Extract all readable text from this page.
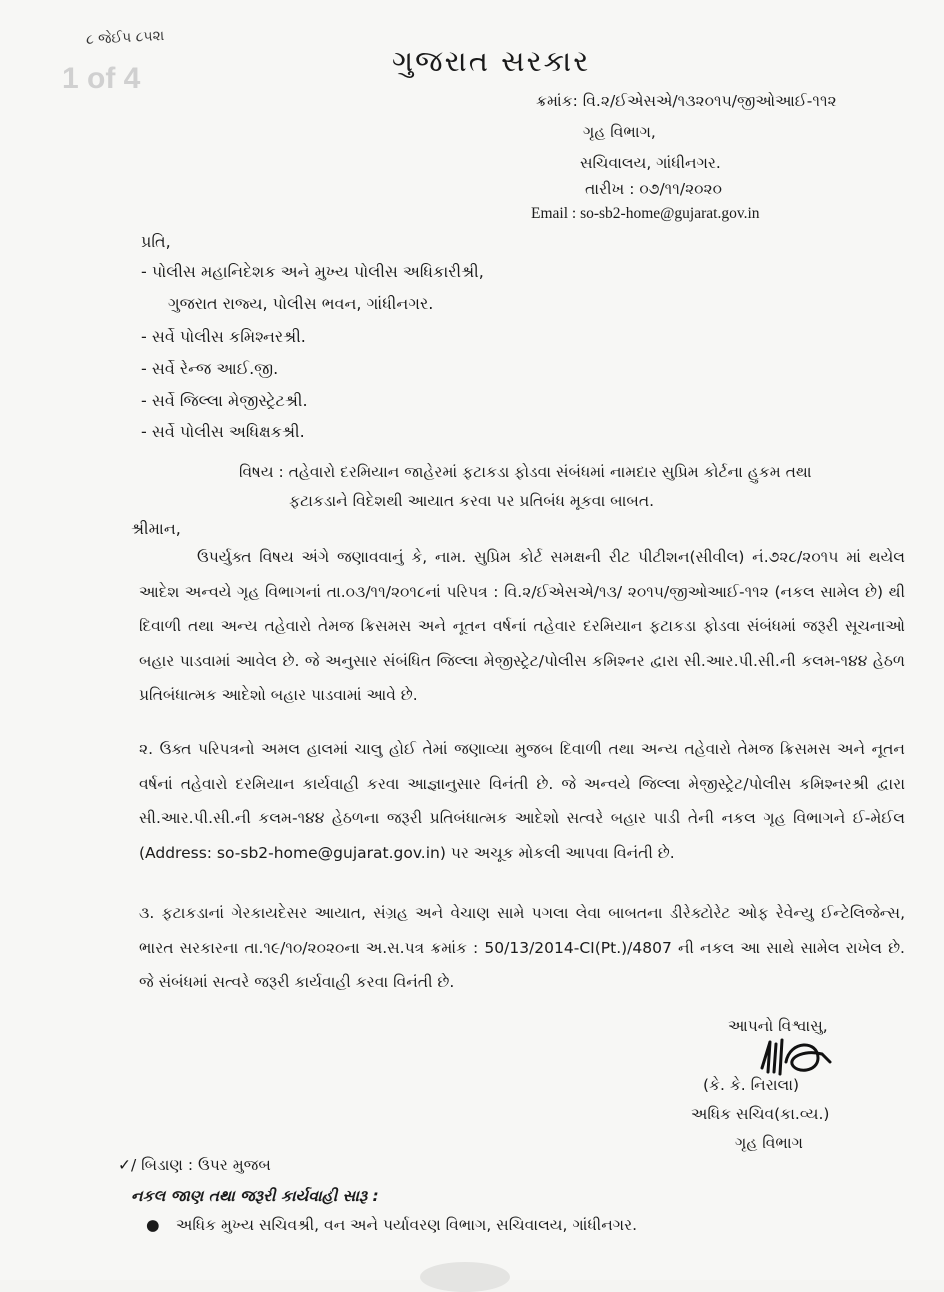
૮ જેઈપ ૮૫૨ા
1 of 4
ગુજરાત સરકાર
ક્રમાંક: વિ.૨/ઈએસએ/૧૩૨૦૧૫/જીઓઆઈ-૧૧૨
ગૃહ વિભાગ,
સચિવાલય, ગાંધીનગર.
તારીખ : ૦૭/૧૧/૨૦૨૦
Email : so-sb2-home@gujarat.gov.in
પ્રતિ,
- પોલીસ મહાનિદેશક અને મુખ્ય પોલીસ અધિકારીશ્રી,
ગુજરાત રાજ્ય, પોલીસ ભવન, ગાંધીનગર.
- સર્વે પોલીસ કમિશ્નરશ્રી.
- સર્વે રેન્જ આઈ.જી.
- સર્વે જિલ્લા મેજીસ્ટ્રેટશ્રી.
- સર્વે પોલીસ અધિક્ષકશ્રી.
વિષય : તહેવારો દરમિયાન જાહેરમાં ફટાકડા ફોડવા સંબંધમાં નામદાર સુપ્રિમ કોર્ટના હુકમ તથા
ફટાકડાને વિદેશથી આયાત કરવા પર પ્રતિબંધ મૂકવા બાબત.
શ્રીમાન,
ઉપર્યુક્ત વિષય અંગે જણાવવાનું કે, નામ. સુપ્રિમ કોર્ટ સમક્ષની રીટ પીટીશન(સીવીલ) નં.૭૨૮/૨૦૧૫ માં થયેલ આદેશ અન્વયે ગૃહ વિભાગનાં તા.૦૩/૧૧/૨૦૧૮નાં પરિપત્ર : વિ.૨/ઈએસએ/૧૩/ ૨૦૧૫/જીઓઆઈ-૧૧૨ (નકલ સામેલ છે) થી દિવાળી તથા અન્ય તહેવારો તેમજ ક્રિસમસ અને નૂતન વર્ષનાં તહેવાર દરમિયાન ફટાકડા ફોડવા સંબંધમાં જરૂરી સૂચનાઓ બહાર પાડવામાં આવેલ છે. જે અનુસાર સંબંધિત જિલ્લા મેજીસ્ટ્રેટ/પોલીસ કમિશ્નર દ્વારા સી.આર.પી.સી.ની કલમ-૧૪૪ હેઠળ પ્રતિબંધાત્મક આદેશો બહાર પાડવામાં આવે છે.
૨. ઉક્ત પરિપત્રનો અમલ હાલમાં ચાલુ હોઈ તેમાં જણાવ્યા મુજબ દિવાળી તથા અન્ય તહેવારો તેમજ ક્રિસમસ અને નૂતન વર્ષનાં તહેવારો દરમિયાન કાર્યવાહી કરવા આજ્ઞાનુસાર વિનંતી છે. જે અન્વયે જિલ્લા મેજીસ્ટ્રેટ/પોલીસ કમિશ્નરશ્રી દ્વારા સી.આર.પી.સી.ની કલમ-૧૪૪ હેઠળના જરૂરી પ્રતિબંધાત્મક આદેશો સત્વરે બહાર પાડી તેની નકલ ગૃહ વિભાગને ઈ-મેઈલ (Address: so-sb2-home@gujarat.gov.in) પર અચૂક મોકલી આપવા વિનંતી છે.
૩. ફટાકડાનાં ગેરકાયદેસર આયાત, સંગ્રહ અને વેચાણ સામે પગલા લેવા બાબતના ડીરેક્ટોરેટ ઓફ રેવેન્યુ ઈન્ટેલિજેન્સ, ભારત સરકારના તા.૧૯/૧૦/૨૦૨૦ના અ.સ.પત્ર ક્રમાંક : 50/13/2014-CI(Pt.)/4807 ની નકલ આ સાથે સામેલ રાખેલ છે. જે સંબંધમાં સત્વરે જરૂરી કાર્યવાહી કરવા વિનંતી છે.
આપનો વિશ્વાસુ,
(કે. કે. નિરાલા)
અધિક સચિવ(કા.વ્ય.)
ગૃહ વિભાગ
✓/ બિડાણ : ઉપર મુજબ
નકલ જાણ તથા જરૂરી કાર્યવાહી સારૂ :
● અધિક મુખ્ય સચિવશ્રી, વન અને પર્યાવરણ વિભાગ, સચિવાલય, ગાંધીનગર.
